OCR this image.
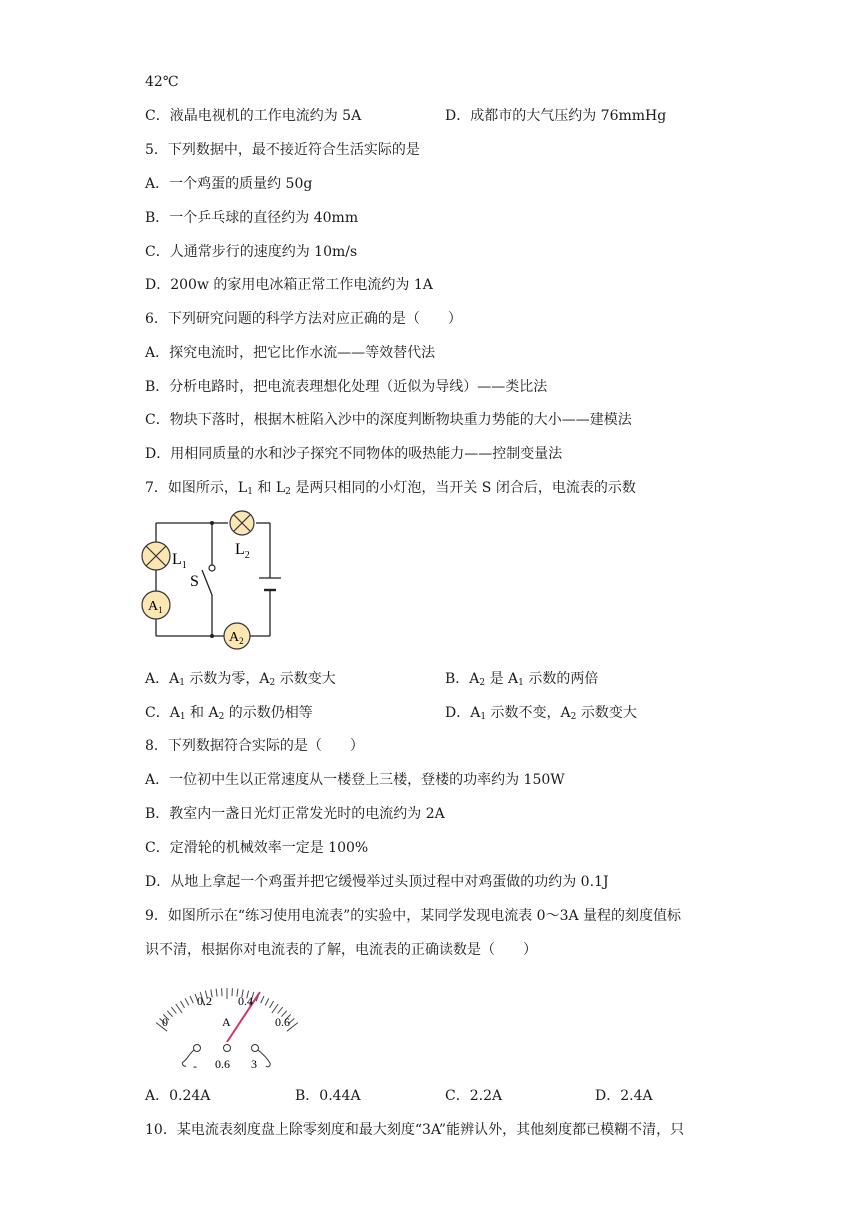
42℃
C．液晶电视机的工作电流约为 5A	D．成都市的大气压约为 76mmHg
5．下列数据中，最不接近符合生活实际的是
A．一个鸡蛋的质量约 50g
B．一个乒乓球的直径约为 40mm
C．人通常步行的速度约为 10m/s
D．200w 的家用电冰箱正常工作电流约为 1A
6．下列研究问题的科学方法对应正确的是（　　）
A．探究电流时，把它比作水流——等效替代法
B．分析电路时，把电流表理想化处理（近似为导线）——类比法
C．物块下落时，根据木桩陷入沙中的深度判断物块重力势能的大小——建模法
D．用相同质量的水和沙子探究不同物体的吸热能力——控制变量法
7．如图所示，$L_1$ 和 $L_2$ 是两只相同的小灯泡，当开关 S 闭合后，电流表的示数
$L_1$
$L_2$
S
$A_1$
$A_2$
A．$A_1$ 示数为零，$A_2$ 示数变大	B．$A_2$ 是 $A_1$ 示数的两倍
C．$A_1$ 和 $A_2$ 的示数仍相等	D．$A_1$ 示数不变，$A_2$ 示数变大
8．下列数据符合实际的是（　　）
A．一位初中生以正常速度从一楼登上三楼，登楼的功率约为 150W
B．教室内一盏日光灯正常发光时的电流约为 2A
C．定滑轮的机械效率一定是 100%
D．从地上拿起一个鸡蛋并把它缓慢举过头顶过程中对鸡蛋做的功约为 0.1J
9．如图所示在“练习使用电流表”的实验中，某同学发现电流表 0～3A 量程的刻度值标
识不清，根据你对电流表的了解，电流表的正确读数是（　　）
0
0.2 0.4
0.6
A
- 0.6 3
A．0.24A	B．0.44A	C．2.2A	D．2.4A
10．某电流表刻度盘上除零刻度和最大刻度“3A”能辨认外，其他刻度都已模糊不清，只
